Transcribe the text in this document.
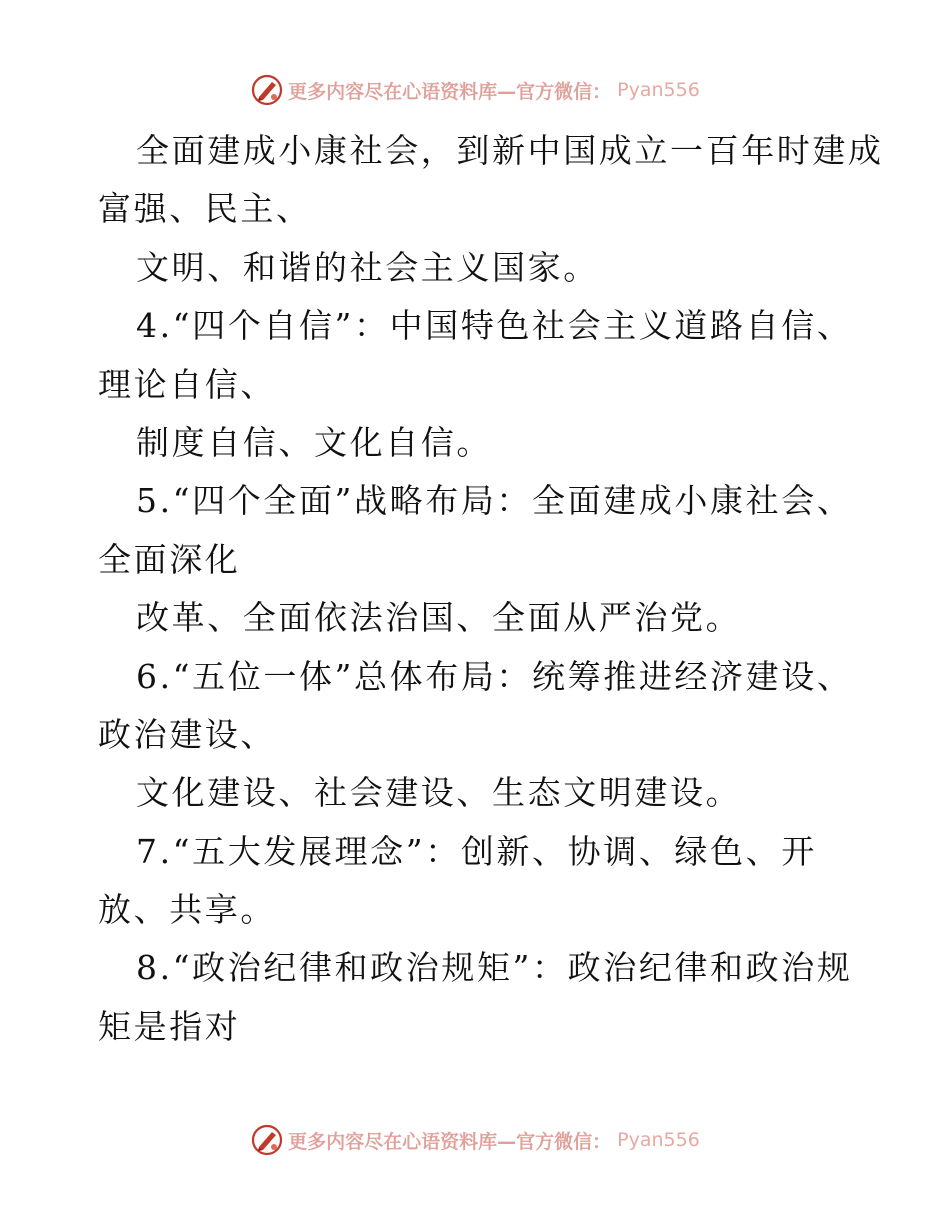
更多内容尽在心语资料库—官方微信： Pyan556
全面建成小康社会，到新中国成立一百年时建成
富强、民主、
文明、和谐的社会主义国家。
4.“四个自信”：中国特色社会主义道路自信、
理论自信、
制度自信、文化自信。
5.“四个全面”战略布局：全面建成小康社会、
全面深化
改革、全面依法治国、全面从严治党。
6.“五位一体”总体布局：统筹推进经济建设、
政治建设、
文化建设、社会建设、生态文明建设。
7.“五大发展理念”：创新、协调、绿色、开
放、共享。
8.“政治纪律和政治规矩”：政治纪律和政治规
矩是指对
更多内容尽在心语资料库—官方微信： Pyan556
